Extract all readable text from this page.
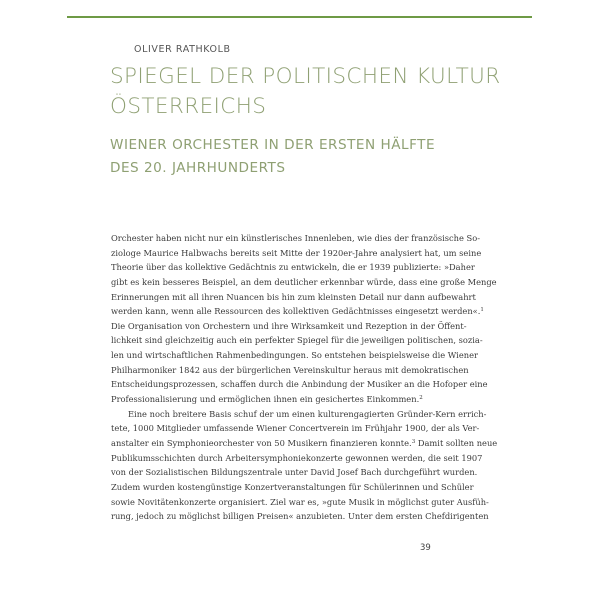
OLIVER RATHKOLB
SPIEGEL DER POLITISCHEN KULTUR
ÖSTERREICHS
WIENER ORCHESTER IN DER ERSTEN HÄLFTE
DES 20. JAHRHUNDERTS
Orchester haben nicht nur ein künstlerisches Innenleben, wie dies der französische So-
ziologe Maurice Halbwachs bereits seit Mitte der 1920er-Jahre analysiert hat, um seine
Theorie über das kollektive Gedächtnis zu entwickeln, die er 1939 publizierte: »Daher
gibt es kein besseres Beispiel, an dem deutlicher erkennbar würde, dass eine große Menge
Erinnerungen mit all ihren Nuancen bis hin zum kleinsten Detail nur dann aufbewahrt
werden kann, wenn alle Ressourcen des kollektiven Gedächtnisses eingesetzt werden«.$^1$
Die Organisation von Orchestern und ihre Wirksamkeit und Rezeption in der Öffent-
lichkeit sind gleichzeitig auch ein perfekter Spiegel für die jeweiligen politischen, sozia-
len und wirtschaftlichen Rahmenbedingungen. So entstehen beispielsweise die Wiener
Philharmoniker 1842 aus der bürgerlichen Vereinskultur heraus mit demokratischen
Entscheidungsprozessen, schaffen durch die Anbindung der Musiker an die Hofoper eine
Professionalisierung und ermöglichen ihnen ein gesichertes Einkommen.$^2$
Eine noch breitere Basis schuf der um einen kulturengagierten Gründer-Kern errich-
tete, 1000 Mitglieder umfassende Wiener Concertverein im Frühjahr 1900, der als Ver-
anstalter ein Symphonieorchester von 50 Musikern finanzieren konnte.$^3$ Damit sollten neue
Publikumsschichten durch Arbeitersymphoniekonzerte gewonnen werden, die seit 1907
von der Sozialistischen Bildungszentrale unter David Josef Bach durchgeführt wurden.
Zudem wurden kostengünstige Konzertveranstaltungen für Schülerinnen und Schüler
sowie Novitätenkonzerte organisiert. Ziel war es, »gute Musik in möglichst guter Ausfüh-
rung, jedoch zu möglichst billigen Preisen« anzubieten. Unter dem ersten Chefdirigenten
39
